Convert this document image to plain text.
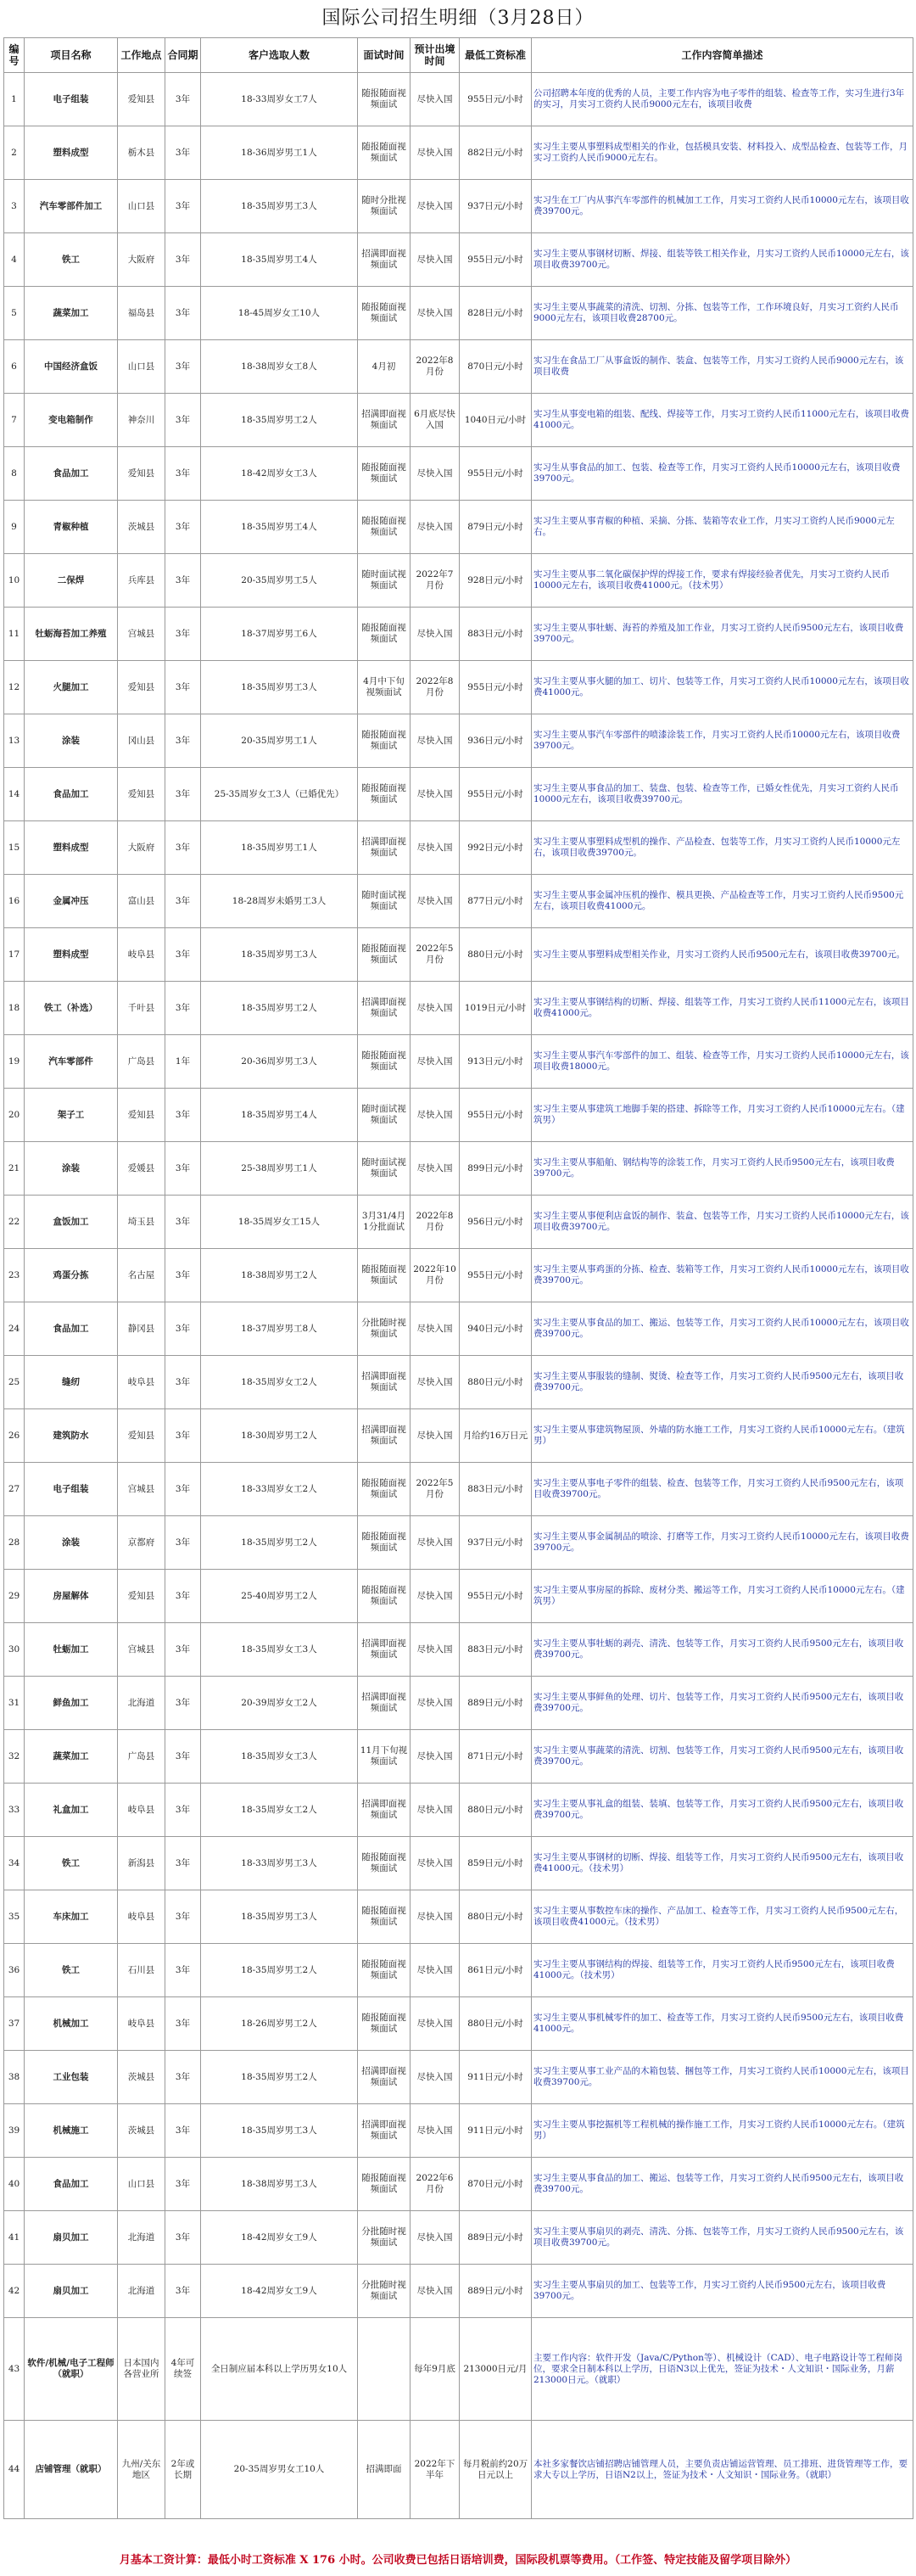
国际公司招生明细（3月28日）
编号	项目名称	工作地点	合同期	客户选取人数	面试时间	预计出境时间	最低工资标准	工作内容简单描述
1	电子组装	爱知县	3年	18-33周岁女工7人	随报随面视频面试	尽快入国	955日元/小时	公司招聘本年度的优秀的人员，主要工作内容为电子零件的组装、检查等工作，实习生进行3年的实习，月实习工资约人民币9000元左右，该项目收费
2	塑料成型	栃木县	3年	18-36周岁男工1人	随报随面视频面试	尽快入国	882日元/小时	实习生主要从事塑料成型相关的作业，包括模具安装、材料投入、成型品检查、包装等工作，月实习工资约人民币9000元左右。
3	汽车零部件加工	山口县	3年	18-35周岁男工3人	随时分批视频面试	尽快入国	937日元/小时	实习生在工厂内从事汽车零部件的机械加工工作，月实习工资约人民币10000元左右，该项目收费39700元。
4	铁工	大阪府	3年	18-35周岁男工4人	招满即面视频面试	尽快入国	955日元/小时	实习生主要从事钢材切断、焊接、组装等铁工相关作业，月实习工资约人民币10000元左右，该项目收费39700元。
5	蔬菜加工	福岛县	3年	18-45周岁女工10人	随报随面视频面试	尽快入国	828日元/小时	实习生主要从事蔬菜的清洗、切割、分拣、包装等工作，工作环境良好，月实习工资约人民币9000元左右，该项目收费28700元。
6	中国经济盒饭	山口县	3年	18-38周岁女工8人	4月初	2022年8月份	870日元/小时	实习生在食品工厂从事盒饭的制作、装盒、包装等工作，月实习工资约人民币9000元左右，该项目收费
7	变电箱制作	神奈川	3年	18-35周岁男工2人	招满即面视频面试	6月底尽快入国	1040日元/小时	实习生从事变电箱的组装、配线、焊接等工作，月实习工资约人民币11000元左右，该项目收费41000元。
8	食品加工	爱知县	3年	18-42周岁女工3人	随报随面视频面试	尽快入国	955日元/小时	实习生从事食品的加工、包装、检查等工作，月实习工资约人民币10000元左右，该项目收费39700元。
9	青椒种植	茨城县	3年	18-35周岁男工4人	随报随面视频面试	尽快入国	879日元/小时	实习生主要从事青椒的种植、采摘、分拣、装箱等农业工作，月实习工资约人民币9000元左右。
10	二保焊	兵库县	3年	20-35周岁男工5人	随时面试视频面试	2022年7月份	928日元/小时	实习生主要从事二氧化碳保护焊的焊接工作，要求有焊接经验者优先，月实习工资约人民币10000元左右，该项目收费41000元。（技术男）
11	牡蛎海苔加工养殖	宫城县	3年	18-37周岁男工6人	随报随面视频面试	尽快入国	883日元/小时	实习生主要从事牡蛎、海苔的养殖及加工作业，月实习工资约人民币9500元左右，该项目收费39700元。
12	火腿加工	爱知县	3年	18-35周岁男工3人	4月中下旬视频面试	2022年8月份	955日元/小时	实习生主要从事火腿的加工、切片、包装等工作，月实习工资约人民币10000元左右，该项目收费41000元。
13	涂装	冈山县	3年	20-35周岁男工1人	随报随面视频面试	尽快入国	936日元/小时	实习生主要从事汽车零部件的喷漆涂装工作，月实习工资约人民币10000元左右，该项目收费39700元。
14	食品加工	爱知县	3年	25-35周岁女工3人（已婚优先）	随报随面视频面试	尽快入国	955日元/小时	实习生主要从事食品的加工、装盘、包装、检查等工作，已婚女性优先，月实习工资约人民币10000元左右，该项目收费39700元。
15	塑料成型	大阪府	3年	18-35周岁男工1人	招满即面视频面试	尽快入国	992日元/小时	实习生主要从事塑料成型机的操作、产品检查、包装等工作，月实习工资约人民币10000元左右，该项目收费39700元。
16	金属冲压	富山县	3年	18-28周岁未婚男工3人	随时面试视频面试	尽快入国	877日元/小时	实习生主要从事金属冲压机的操作、模具更换、产品检查等工作，月实习工资约人民币9500元左右，该项目收费41000元。
17	塑料成型	岐阜县	3年	18-35周岁男工3人	随报随面视频面试	2022年5月份	880日元/小时	实习生主要从事塑料成型相关作业，月实习工资约人民币9500元左右，该项目收费39700元。
18	铁工（补选）	千叶县	3年	18-35周岁男工2人	招满即面视频面试	尽快入国	1019日元/小时	实习生主要从事钢结构的切断、焊接、组装等工作，月实习工资约人民币11000元左右，该项目收费41000元。
19	汽车零部件	广岛县	1年	20-36周岁男工3人	随报随面视频面试	尽快入国	913日元/小时	实习生主要从事汽车零部件的加工、组装、检查等工作，月实习工资约人民币10000元左右，该项目收费18000元。
20	架子工	爱知县	3年	18-35周岁男工4人	随时面试视频面试	尽快入国	955日元/小时	实习生主要从事建筑工地脚手架的搭建、拆除等工作，月实习工资约人民币10000元左右。（建筑男）
21	涂装	爱媛县	3年	25-38周岁男工1人	随时面试视频面试	尽快入国	899日元/小时	实习生主要从事船舶、钢结构等的涂装工作，月实习工资约人民币9500元左右，该项目收费39700元。
22	盒饭加工	埼玉县	3年	18-35周岁女工15人	3月31/4月1分批面试	2022年8月份	956日元/小时	实习生主要从事便利店盒饭的制作、装盒、包装等工作，月实习工资约人民币10000元左右，该项目收费39700元。
23	鸡蛋分拣	名古屋	3年	18-38周岁男工2人	随报随面视频面试	2022年10月份	955日元/小时	实习生主要从事鸡蛋的分拣、检查、装箱等工作，月实习工资约人民币10000元左右，该项目收费39700元。
24	食品加工	静冈县	3年	18-37周岁男工8人	分批随时视频面试	尽快入国	940日元/小时	实习生主要从事食品的加工、搬运、包装等工作，月实习工资约人民币10000元左右，该项目收费39700元。
25	缝纫	岐阜县	3年	18-35周岁女工2人	招满即面视频面试	尽快入国	880日元/小时	实习生主要从事服装的缝制、熨烫、检查等工作，月实习工资约人民币9500元左右，该项目收费39700元。
26	建筑防水	爱知县	3年	18-30周岁男工2人	招满即面视频面试	尽快入国	月给约16万日元	实习生主要从事建筑物屋顶、外墙的防水施工工作，月实习工资约人民币10000元左右。（建筑男）
27	电子组装	宫城县	3年	18-33周岁女工2人	随报随面视频面试	2022年5月份	883日元/小时	实习生主要从事电子零件的组装、检查、包装等工作，月实习工资约人民币9500元左右，该项目收费39700元。
28	涂装	京都府	3年	18-35周岁男工2人	随报随面视频面试	尽快入国	937日元/小时	实习生主要从事金属制品的喷涂、打磨等工作，月实习工资约人民币10000元左右，该项目收费39700元。
29	房屋解体	爱知县	3年	25-40周岁男工2人	随报随面视频面试	尽快入国	955日元/小时	实习生主要从事房屋的拆除、废材分类、搬运等工作，月实习工资约人民币10000元左右。（建筑男）
30	牡蛎加工	宫城县	3年	18-35周岁女工3人	招满即面视频面试	尽快入国	883日元/小时	实习生主要从事牡蛎的剥壳、清洗、包装等工作，月实习工资约人民币9500元左右，该项目收费39700元。
31	鲜鱼加工	北海道	3年	20-39周岁女工2人	招满即面视频面试	尽快入国	889日元/小时	实习生主要从事鲜鱼的处理、切片、包装等工作，月实习工资约人民币9500元左右，该项目收费39700元。
32	蔬菜加工	广岛县	3年	18-35周岁女工3人	11月下旬视频面试	尽快入国	871日元/小时	实习生主要从事蔬菜的清洗、切割、包装等工作，月实习工资约人民币9500元左右，该项目收费39700元。
33	礼盒加工	岐阜县	3年	18-35周岁女工2人	招满即面视频面试	尽快入国	880日元/小时	实习生主要从事礼盒的组装、装填、包装等工作，月实习工资约人民币9500元左右，该项目收费39700元。
34	铁工	新潟县	3年	18-33周岁男工3人	随报随面视频面试	尽快入国	859日元/小时	实习生主要从事钢材的切断、焊接、组装等工作，月实习工资约人民币9500元左右，该项目收费41000元。（技术男）
35	车床加工	岐阜县	3年	18-35周岁男工3人	随报随面视频面试	尽快入国	880日元/小时	实习生主要从事数控车床的操作、产品加工、检查等工作，月实习工资约人民币9500元左右，该项目收费41000元。（技术男）
36	铁工	石川县	3年	18-35周岁男工2人	随报随面视频面试	尽快入国	861日元/小时	实习生主要从事钢结构的焊接、组装等工作，月实习工资约人民币9500元左右，该项目收费41000元。（技术男）
37	机械加工	岐阜县	3年	18-26周岁男工2人	随报随面视频面试	尽快入国	880日元/小时	实习生主要从事机械零件的加工、检查等工作，月实习工资约人民币9500元左右，该项目收费41000元。
38	工业包装	茨城县	3年	18-35周岁男工2人	招满即面视频面试	尽快入国	911日元/小时	实习生主要从事工业产品的木箱包装、捆包等工作，月实习工资约人民币10000元左右，该项目收费39700元。
39	机械施工	茨城县	3年	18-35周岁男工3人	招满即面视频面试	尽快入国	911日元/小时	实习生主要从事挖掘机等工程机械的操作施工工作，月实习工资约人民币10000元左右。（建筑男）
40	食品加工	山口县	3年	18-38周岁男工3人	随报随面视频面试	2022年6月份	870日元/小时	实习生主要从事食品的加工、搬运、包装等工作，月实习工资约人民币9500元左右，该项目收费39700元。
41	扇贝加工	北海道	3年	18-42周岁女工9人	分批随时视频面试	尽快入国	889日元/小时	实习生主要从事扇贝的剥壳、清洗、分拣、包装等工作，月实习工资约人民币9500元左右，该项目收费39700元。
42	扇贝加工	北海道	3年	18-42周岁女工9人	分批随时视频面试	尽快入国	889日元/小时	实习生主要从事扇贝的加工、包装等工作，月实习工资约人民币9500元左右，该项目收费39700元。
43	软件/机械/电子工程师（就职）	日本国内各营业所	4年可续签	全日制应届本科以上学历男女10人		每年9月底	213000日元/月	主要工作内容：软件开发（Java/C/Python等）、机械设计（CAD）、电子电路设计等工程师岗位，要求全日制本科以上学历，日语N3以上优先，签证为技术・人文知识・国际业务，月薪213000日元。（就职）
44	店铺管理（就职）	九州/关东地区	2年或长期	20-35周岁男女工10人	招满即面	2022年下半年	每月税前约20万日元以上	本社多家餐饮店铺招聘店铺管理人员，主要负责店铺运营管理、员工排班、进货管理等工作，要求大专以上学历，日语N2以上，签证为技术・人文知识・国际业务。（就职）
月基本工资计算：最低小时工资标准 X 176 小时。公司收费已包括日语培训费，国际段机票等费用。（工作签、特定技能及留学项目除外）
